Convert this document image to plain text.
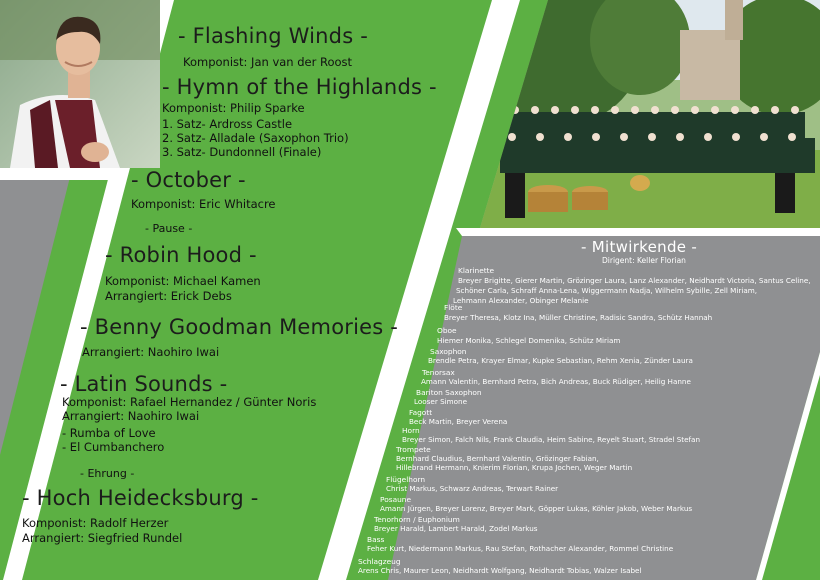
- Flashing Winds -
Komponist: Jan van der Roost
- Hymn of the Highlands -
Komponist: Philip Sparke
1. Satz- Ardross Castle
2. Satz- Alladale (Saxophon Trio)
3. Satz- Dundonnell (Finale)
- October -
Komponist: Eric Whitacre
- Pause -
- Robin Hood -
Komponist: Michael Kamen
Arrangiert: Erick Debs
- Benny Goodman Memories -
Arrangiert: Naohiro Iwai
- Latin Sounds -
Komponist: Rafael Hernandez / Günter Noris
Arrangiert: Naohiro Iwai
- Rumba of Love
- El Cumbanchero
- Ehrung -
- Hoch Heidecksburg -
Komponist: Radolf Herzer
Arrangiert: Siegfried Rundel
- Mitwirkende -
Dirigent: Keller Florian
Klarinette
Breyer Brigitte, Gierer Martin, Grözinger Laura, Lanz Alexander, Neidhardt Victoria, Santus Celine,
Schöner Carla, Schraff Anna-Lena, Wiggermann Nadja, Wilhelm Sybille, Zell Miriam,
Lehmann Alexander, Obinger Melanie
Flöte
Breyer Theresa, Klotz Ina, Müller Christine, Radisic Sandra, Schütz Hannah
Oboe
Hiemer Monika, Schlegel Domenika, Schütz Miriam
Saxophon
Brendle Petra, Krayer Elmar, Kupke Sebastian, Rehm Xenia, Zünder Laura
Tenorsax
Amann Valentin, Bernhard Petra, Bich Andreas, Buck Rüdiger, Heilig Hanne
Bariton Saxophon
Looser Simone
Fagott
Beck Martin, Breyer Verena
Horn
Breyer Simon, Falch Nils, Frank Claudia, Heim Sabine, Reyelt Stuart, Stradel Stefan
Trompete
Bernhard Claudius, Bernhard Valentin, Grözinger Fabian,
Hillebrand Hermann, Knierim Florian, Krupa Jochen, Weger Martin
Flügelhorn
Christ Markus, Schwarz Andreas, Terwart Rainer
Posaune
Amann Jürgen, Breyer Lorenz, Breyer Mark, Göpper Lukas, Köhler Jakob, Weber Markus
Tenorhorn / Euphonium
Breyer Harald, Lambert Harald, Zodel Markus
Bass
Feher Kurt, Niedermann Markus, Rau Stefan, Rothacher Alexander, Rommel Christine
Schlagzeug
Arens Chris, Maurer Leon, Neidhardt Wolfgang, Neidhardt Tobias, Walzer Isabel
